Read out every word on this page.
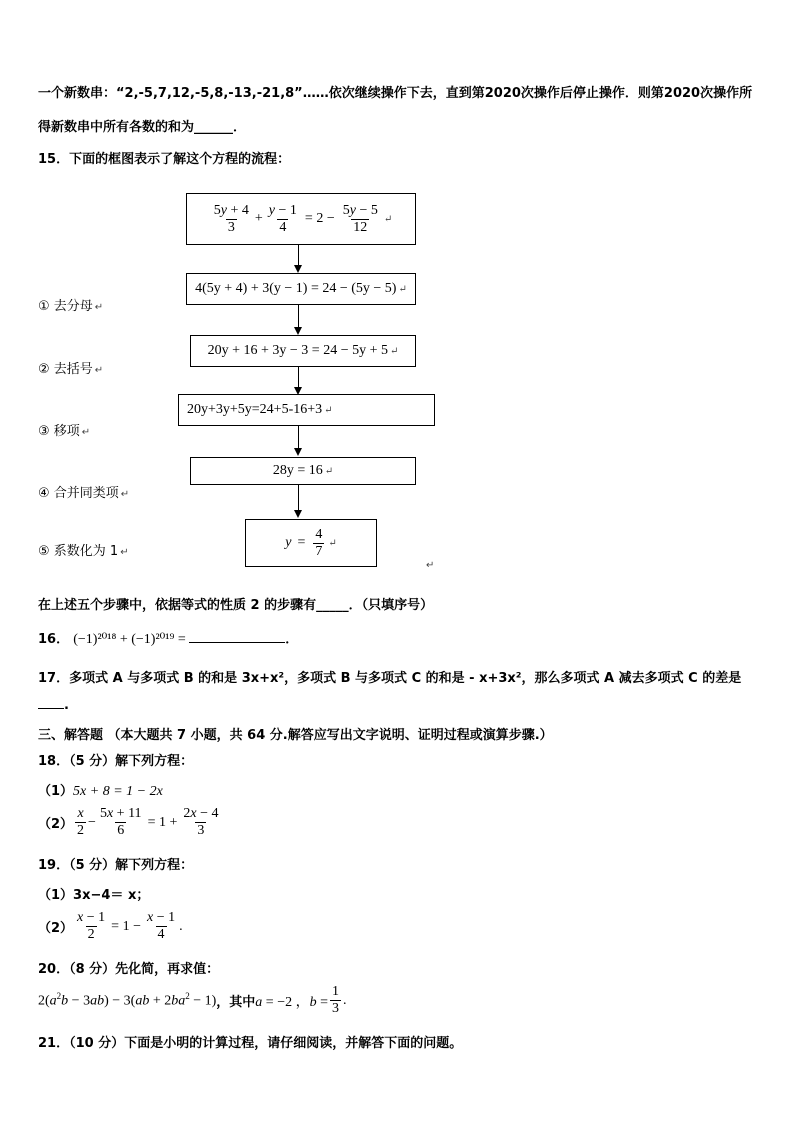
一个新数串：“2,-5,7,12,-5,8,-13,-21,8”……依次继续操作下去，直到第2020次操作后停止操作．则第2020次操作所
得新数串中所有各数的和为______．
15．下面的框图表示了解这个方程的流程：
$\frac{5y + 4}{3} + \frac{y - 1}{4} = 2 - \frac{5y - 5}{12}$ ↵
4(5y + 4) + 3(y − 1) = 24 − (5y − 5) ↵
20y + 16 + 3y − 3 = 24 − 5y + 5 ↵
20y+3y+5y=24+5-16+3 ↵
28y = 16 ↵
$y = \frac{4}{7}$ ↵
↵
① 去分母 ↵
② 去括号 ↵
③ 移项 ↵
④ 合并同类项 ↵
⑤ 系数化为 1 ↵
在上述五个步骤中，依据等式的性质 2 的步骤有_____．（只填序号）
16． (−1)²⁰¹⁸ + (−1)²⁰¹⁹ =	．
17．多项式 A 与多项式 B 的和是 3x+x²，多项式 B 与多项式 C 的和是 - x+3x²，那么多项式 A 减去多项式 C 的差是
.
三、解答题 （本大题共 7 小题，共 64 分.解答应写出文字说明、证明过程或演算步骤.）
18．（5 分）解下列方程：
（1）5x + 8 = 1 − 2x
$(2) \frac{x}{2} - \frac{5x + 11}{6} = 1 + \frac{2x - 4}{3}$
19．（5 分）解下列方程：
（1）3x−4＝ x；
$(2) \frac{x - 1}{2} = 1 - \frac{x - 1}{4}$ .
20．（8 分）先化简，再求值：
$2(a^2b - 3ab) - 3(ab + 2ba^2 - 1)$ ，其中 a = −2 ，$b = \frac{1}{3}$ .
21．（10 分）下面是小明的计算过程，请仔细阅读，并解答下面的问题。
